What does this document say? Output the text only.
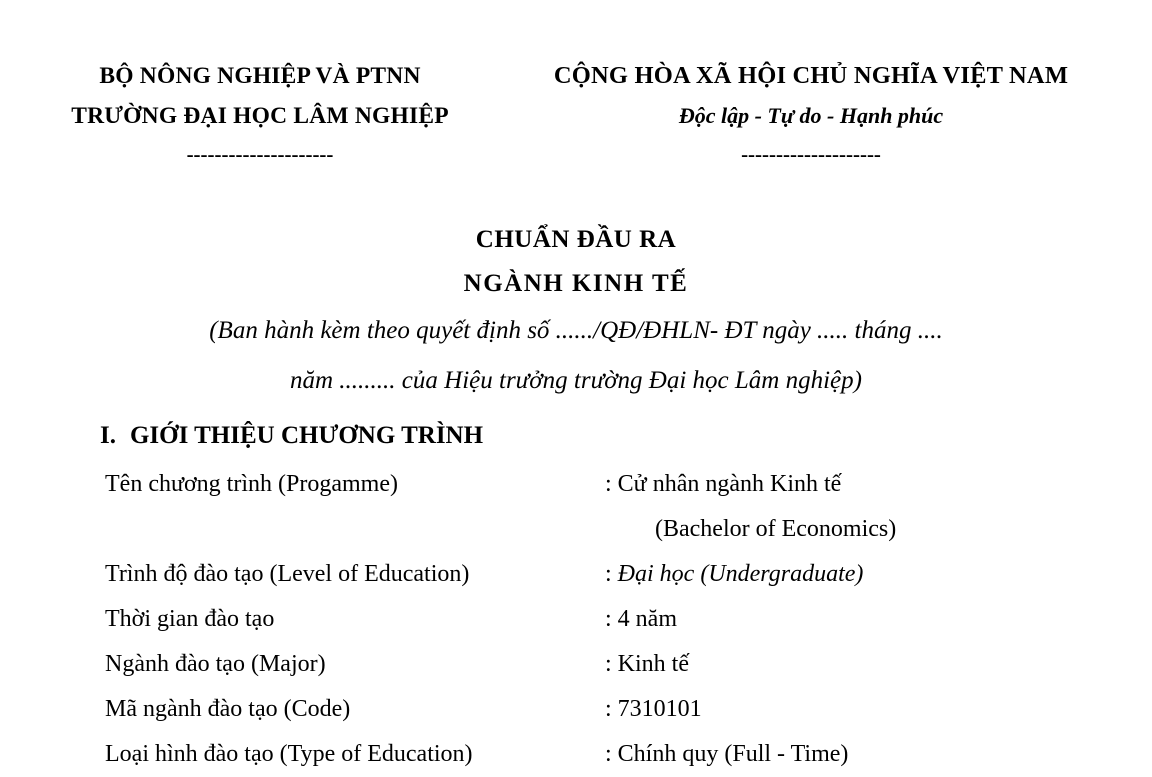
BỘ NÔNG NGHIỆP VÀ PTNN
TRƯỜNG ĐẠI HỌC LÂM NGHIỆP
---------------------
CỘNG HÒA XÃ HỘI CHỦ NGHĨA VIỆT NAM
Độc lập - Tự do - Hạnh phúc
--------------------
CHUẨN ĐẦU RA
NGÀNH KINH TẾ
(Ban hành kèm theo quyết định số ....../QĐ/ĐHLN- ĐT ngày ..... tháng ....
năm ......... của Hiệu trưởng trường Đại học Lâm nghiệp)
I. GIỚI THIỆU CHƯƠNG TRÌNH
Tên chương trình (Progamme)	: Cử nhân ngành Kinh tế
(Bachelor of Economics)
Trình độ đào tạo (Level of Education)	: Đại học (Undergraduate)
Thời gian đào tạo	: 4 năm
Ngành đào tạo (Major)	: Kinh tế
Mã ngành đào tạo (Code)	: 7310101
Loại hình đào tạo (Type of Education)	: Chính quy (Full - Time)
